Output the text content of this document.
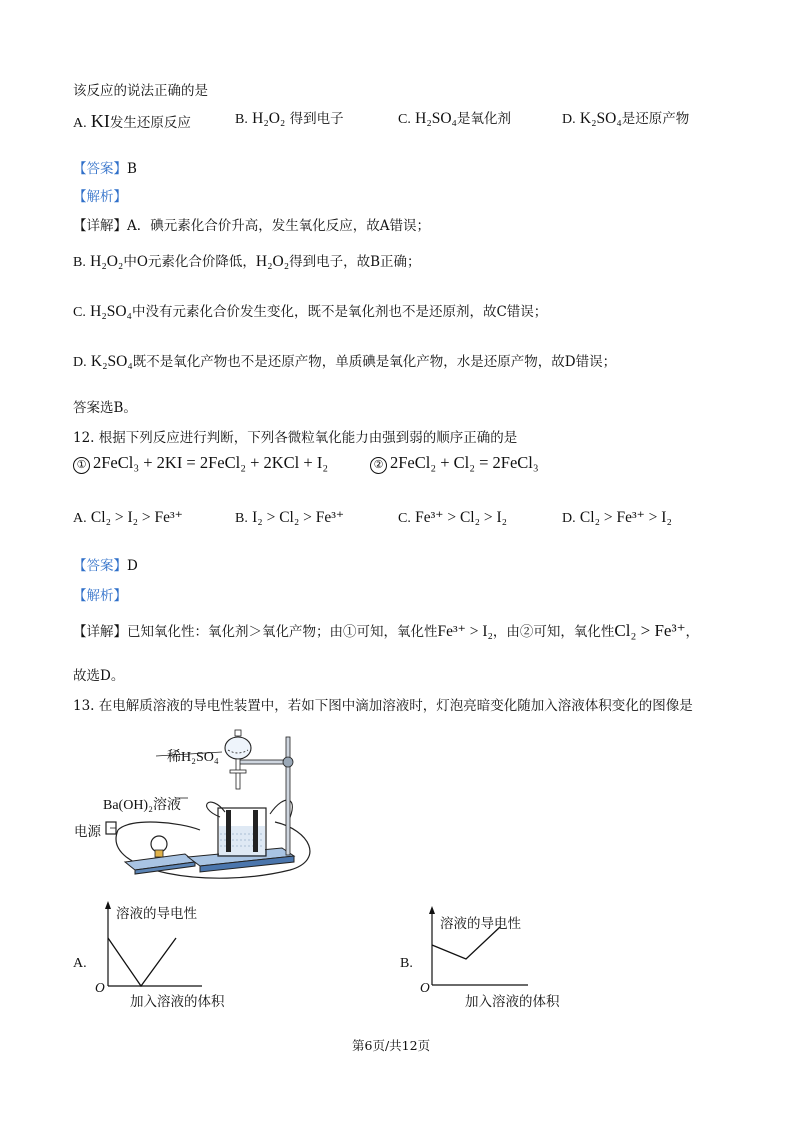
该反应的说法正确的是
A. KI发生还原反应	B. H₂O₂ 得到电子	C. H₂SO₄是氧化剂	D. K₂SO₄是还原产物
【答案】B
【解析】
【详解】A．碘元素化合价升高，发生氧化反应，故A错误；
B. H₂O₂中O元素化合价降低，H₂O₂得到电子，故B正确；
C. H₂SO₄中没有元素化合价发生变化，既不是氧化剂也不是还原剂，故C错误；
D. K₂SO₄既不是氧化产物也不是还原产物，单质碘是氧化产物，水是还原产物，故D错误；
答案选B。
12. 根据下列反应进行判断，下列各微粒氧化能力由强到弱的顺序正确的是
① 2FeCl₃ + 2KI = 2FeCl₂ + 2KCl + I₂	② 2FeCl₂ + Cl₂ = 2FeCl₃
A. Cl₂ > I₂ > Fe³⁺	B. I₂ > Cl₂ > Fe³⁺	C. Fe³⁺ > Cl₂ > I₂	D. Cl₂ > Fe³⁺ > I₂
【答案】D
【解析】
【详解】已知氧化性：氧化剂＞氧化产物；由①可知，氧化性Fe³⁺ > I₂，由②可知，氧化性Cl₂ > Fe³⁺，
故选D。
13. 在电解质溶液的导电性装置中，若如下图中滴加溶液时，灯泡亮暗变化随加入溶液体积变化的图像是
稀H₂SO₄
Ba(OH)₂溶液
电源
A.
溶液的导电性
加入溶液的体积
O
B.
溶液的导电性
加入溶液的体积
O
第6页/共12页
